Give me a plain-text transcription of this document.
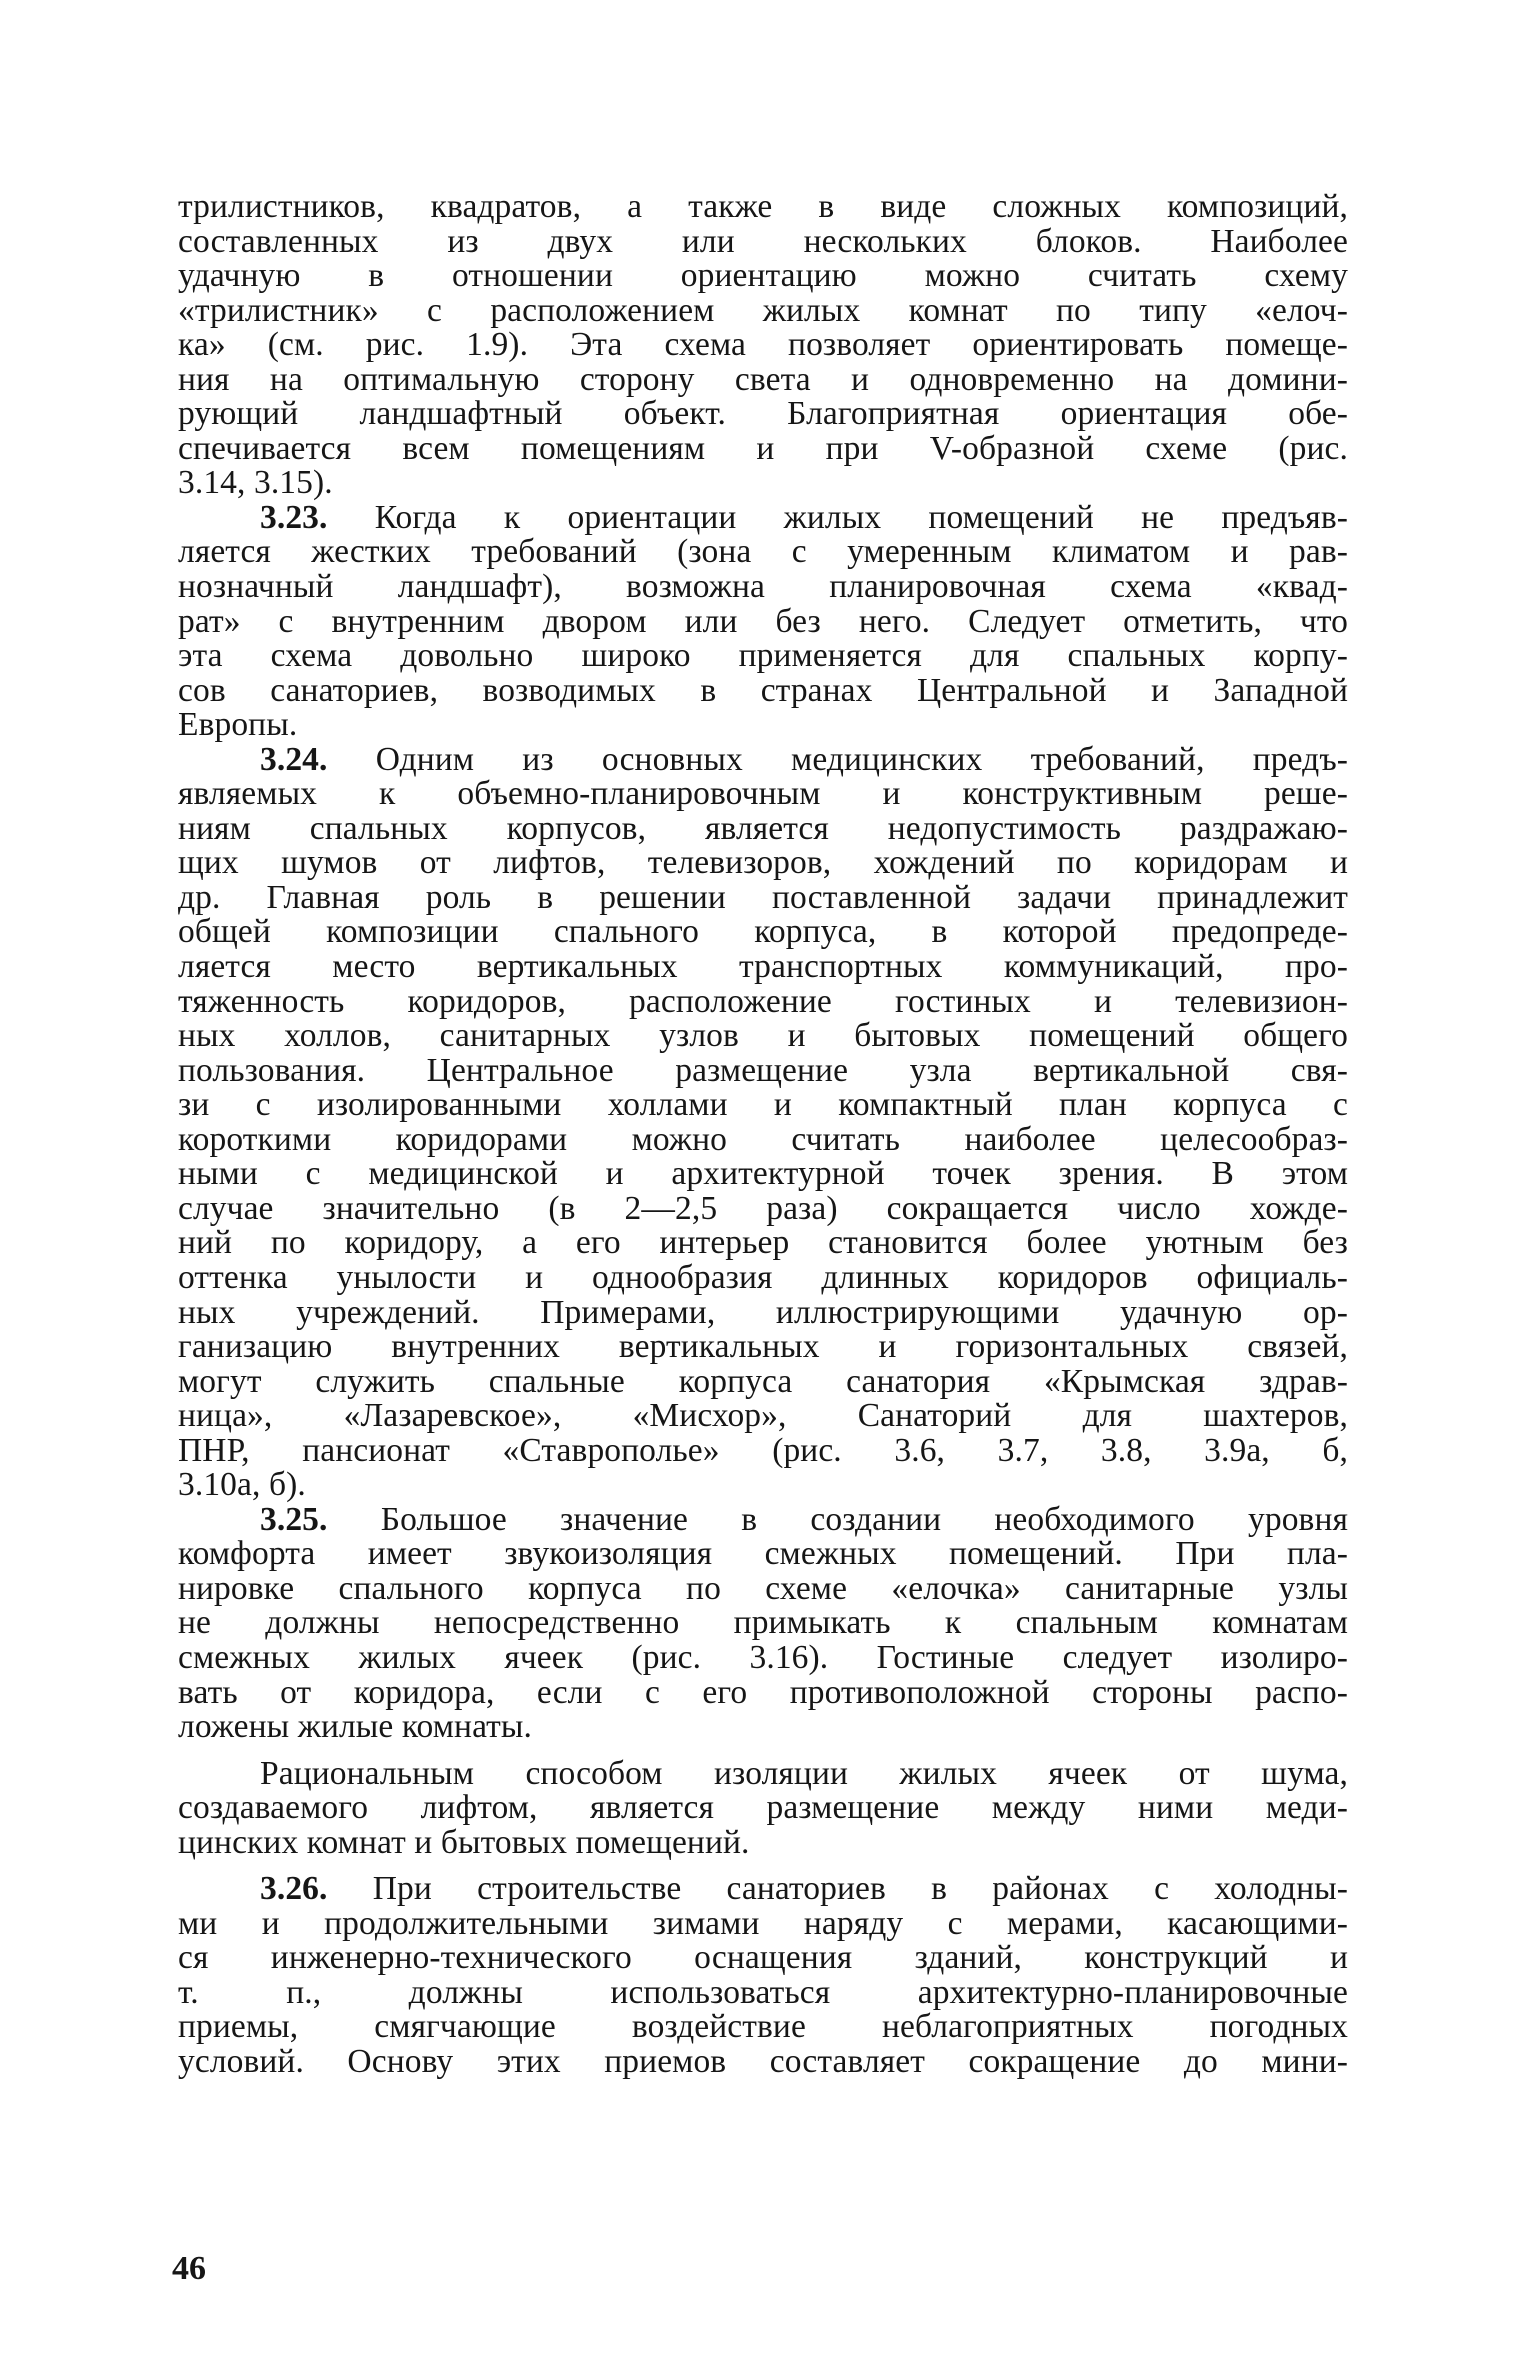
трилистников, квадратов, а также в виде сложных композиций,
составленных из двух или нескольких блоков. Наиболее
удачную в отношении ориентацию можно считать схему
«трилистник» с расположением жилых комнат по типу «елоч-
ка» (см. рис. 1.9). Эта схема позволяет ориентировать помеще-
ния на оптимальную сторону света и одновременно на домини-
рующий ландшафтный объект. Благоприятная ориентация обе-
спечивается всем помещениям и при V-образной схеме (рис.
3.14, 3.15).
3.23. Когда к ориентации жилых помещений не предъяв-
ляется жестких требований (зона с умеренным климатом и рав-
нозначный ландшафт), возможна планировочная схема «квад-
рат» с внутренним двором или без него. Следует отметить, что
эта схема довольно широко применяется для спальных корпу-
сов санаториев, возводимых в странах Центральной и Западной
Европы.
3.24. Одним из основных медицинских требований, предъ-
являемых к объемно-планировочным и конструктивным реше-
ниям спальных корпусов, является недопустимость раздражаю-
щих шумов от лифтов, телевизоров, хождений по коридорам и
др. Главная роль в решении поставленной задачи принадлежит
общей композиции спального корпуса, в которой предопреде-
ляется место вертикальных транспортных коммуникаций, про-
тяженность коридоров, расположение гостиных и телевизион-
ных холлов, санитарных узлов и бытовых помещений общего
пользования. Центральное размещение узла вертикальной свя-
зи с изолированными холлами и компактный план корпуса с
короткими коридорами можно считать наиболее целесообраз-
ными с медицинской и архитектурной точек зрения. В этом
случае значительно (в 2—2,5 раза) сокращается число хожде-
ний по коридору, а его интерьер становится более уютным без
оттенка унылости и однообразия длинных коридоров официаль-
ных учреждений. Примерами, иллюстрирующими удачную ор-
ганизацию внутренних вертикальных и горизонтальных связей,
могут служить спальные корпуса санатория «Крымская здрав-
ница», «Лазаревское», «Мисхор», Санаторий для шахтеров,
ПНР, пансионат «Ставрополье» (рис. 3.6, 3.7, 3.8, 3.9а, б,
3.10а, б).
3.25. Большое значение в создании необходимого уровня
комфорта имеет звукоизоляция смежных помещений. При пла-
нировке спального корпуса по схеме «елочка» санитарные узлы
не должны непосредственно примыкать к спальным комнатам
смежных жилых ячеек (рис. 3.16). Гостиные следует изолиро-
вать от коридора, если с его противоположной стороны распо-
ложены жилые комнаты.
Рациональным способом изоляции жилых ячеек от шума,
создаваемого лифтом, является размещение между ними меди-
цинских комнат и бытовых помещений.
3.26. При строительстве санаториев в районах с холодны-
ми и продолжительными зимами наряду с мерами, касающими-
ся инженерно-технического оснащения зданий, конструкций и
т. п., должны использоваться архитектурно-планировочные
приемы, смягчающие воздействие неблагоприятных погодных
условий. Основу этих приемов составляет сокращение до мини-
46
